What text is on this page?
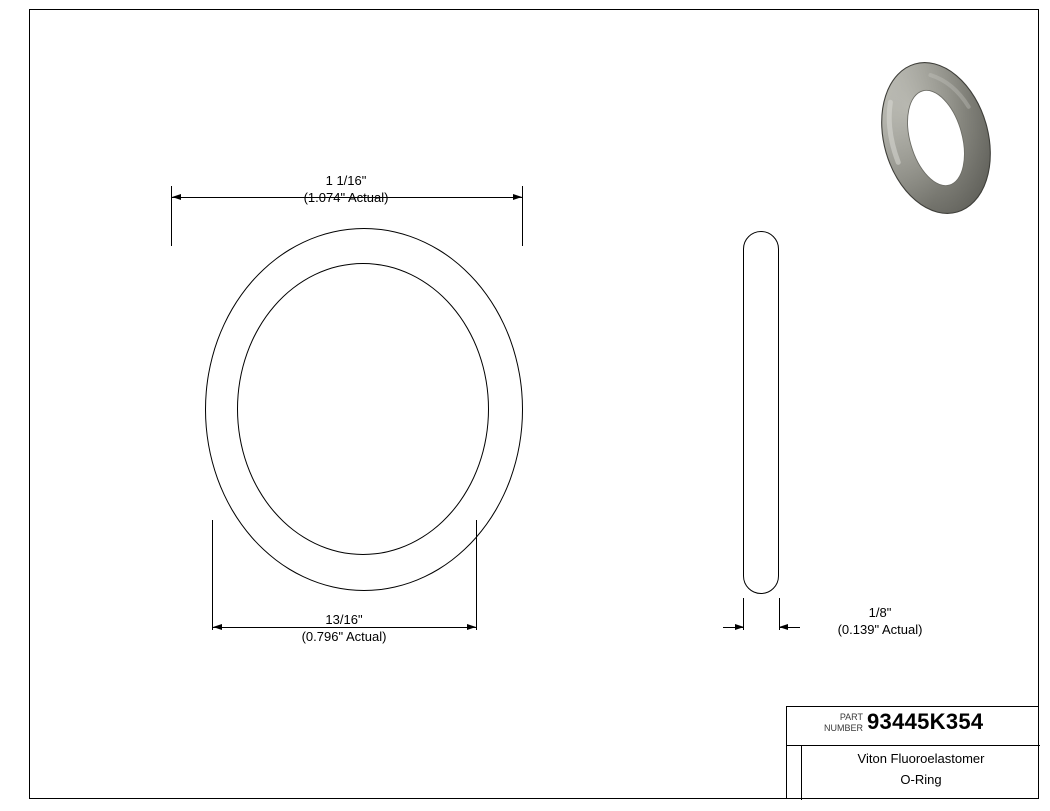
1 1/16"
(1.074" Actual)
13/16"
(0.796" Actual)
1/8"
(0.139" Actual)
PART
NUMBER 93445K354
Viton Fluoroelastomer
O-Ring
